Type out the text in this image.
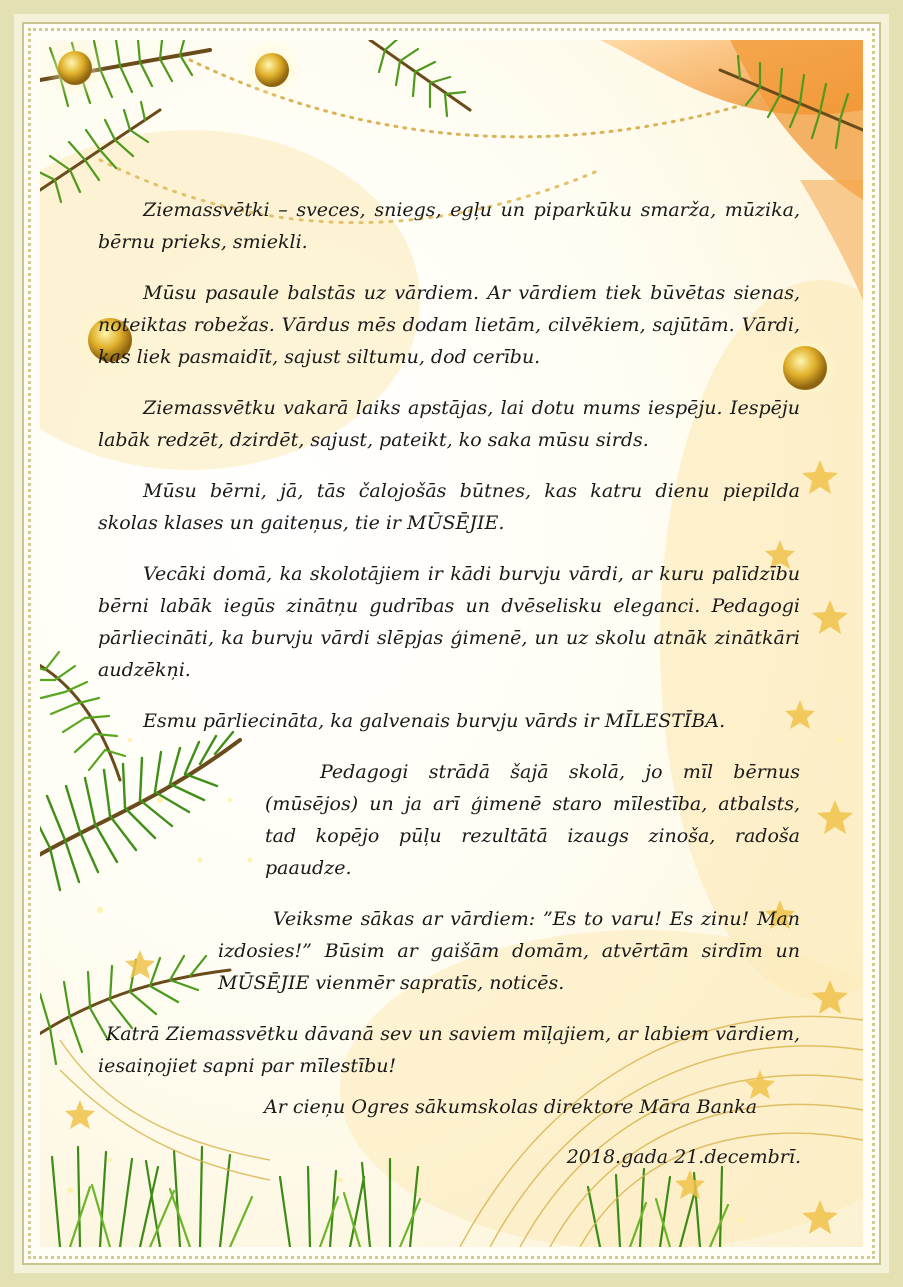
Ziemassvētki – sveces, sniegs, egļu un piparkūku smarža, mūzika, bērnu prieks, smiekli.

Mūsu pasaule balstās uz vārdiem. Ar vārdiem tiek būvētas sienas, noteiktas robežas. Vārdus mēs dodam lietām, cilvēkiem, sajūtām. Vārdi, kas liek pasmaidīt, sajust siltumu, dod cerību.

Ziemassvētku vakarā laiks apstājas, lai dotu mums iespēju. Iespēju labāk redzēt, dzirdēt, sajust, pateikt, ko saka mūsu sirds.

Mūsu bērni, jā, tās čalojošās būtnes, kas katru dienu piepilda skolas klases un gaiteņus, tie ir MŪSĒJIE.

Vecāki domā, ka skolotājiem ir kādi burvju vārdi, ar kuru palīdzību bērni labāk iegūs zinātņu gudrības un dvēselisku eleganci. Pedagogi pārliecināti, ka burvju vārdi slēpjas ģimenē, un uz skolu atnāk zinātkāri audzēkņi.

Esmu pārliecināta, ka galvenais burvju vārds ir MĪLESTĪBA.

Pedagogi strādā šajā skolā, jo mīl bērnus (mūsējos) un ja arī ģimenē staro mīlestība, atbalsts, tad kopējo pūļu rezultātā izaugs zinoša, radoša paaudze.

Veiksme sākas ar vārdiem: ”Es to varu! Es zinu! Man izdosies!” Būsim ar gaišām domām, atvērtām sirdīm un MŪSĒJIE vienmēr sapratīs, noticēs.

Katrā Ziemassvētku dāvanā sev un saviem mīļajiem, ar labiem vārdiem, iesaiņojiet sapni par mīlestību!

Ar cieņu Ogres sākumskolas direktore Māra Banka
2018.gada 21.decembrī.
